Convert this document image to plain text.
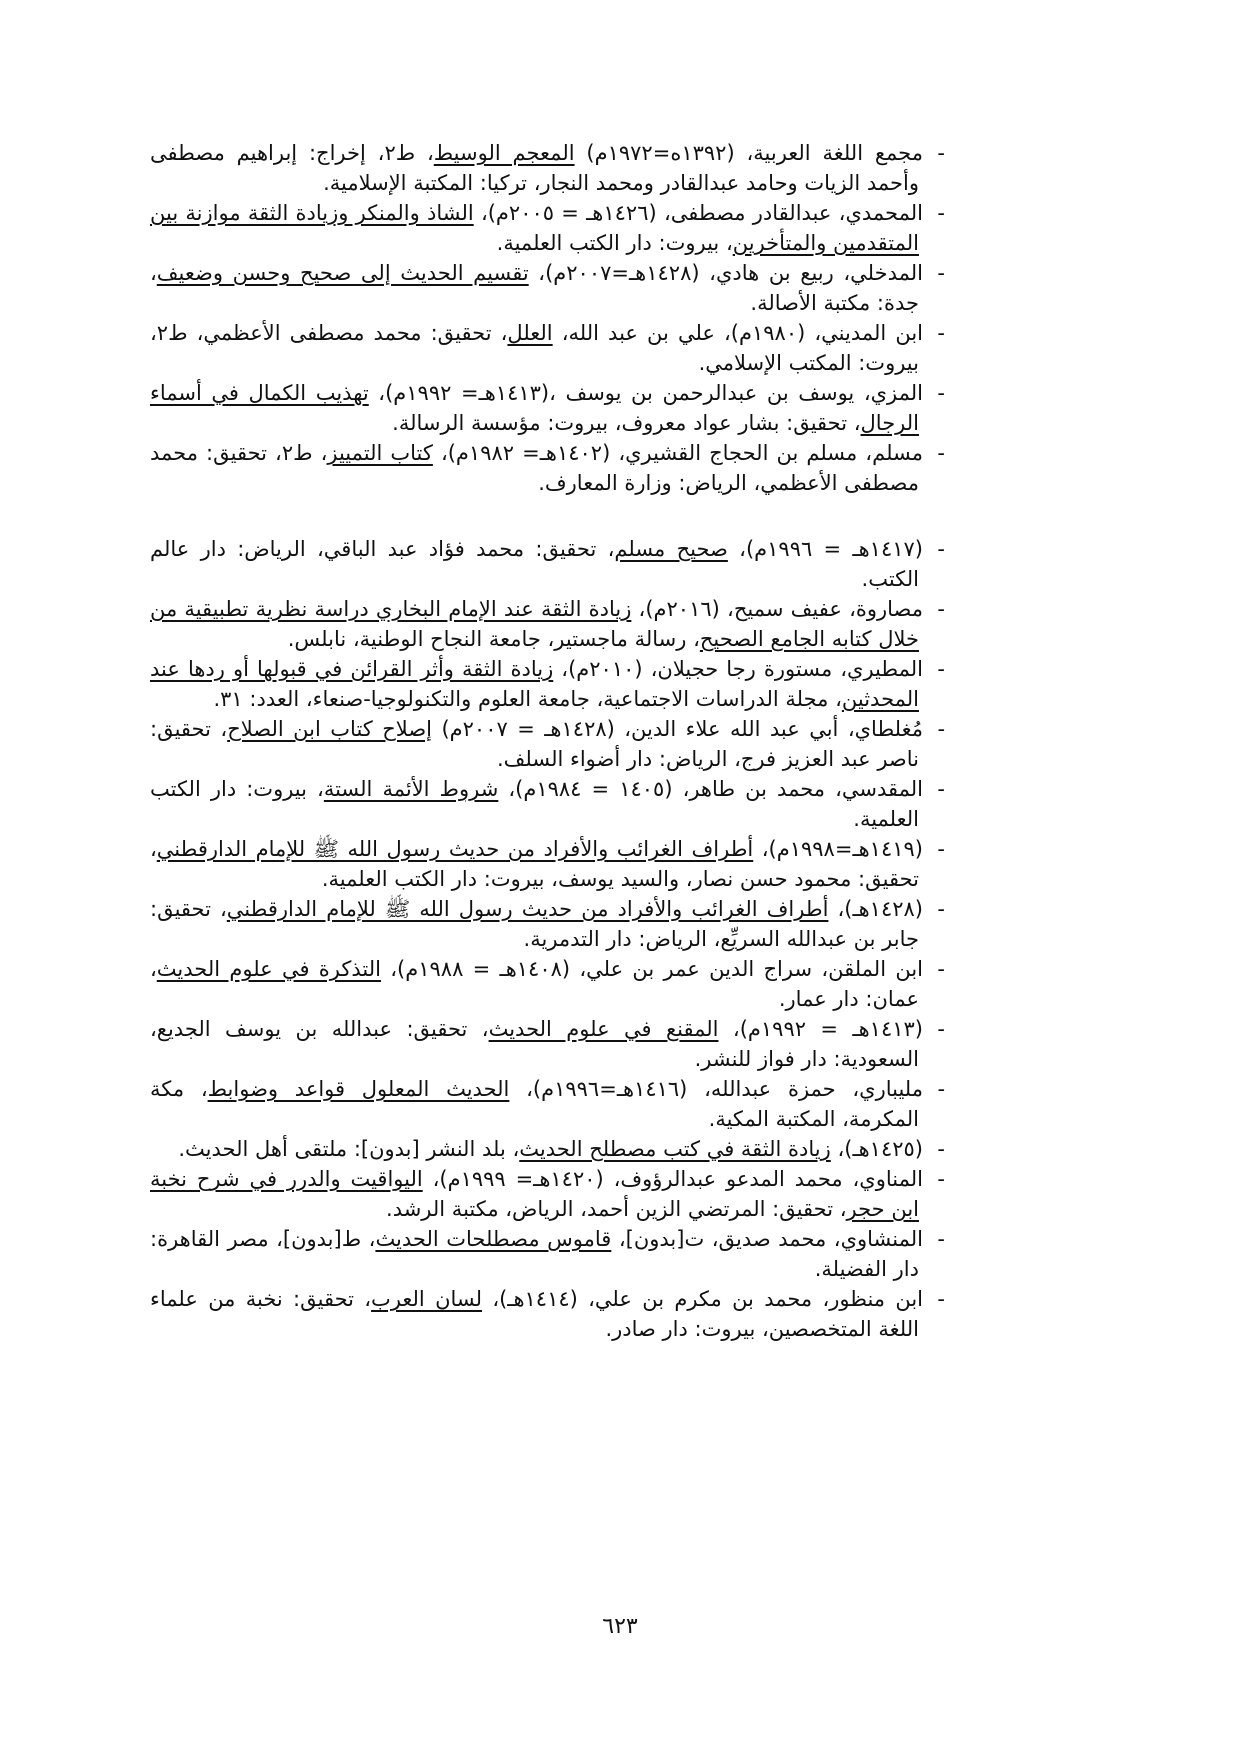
-مجمع اللغة العربية، (١٣٩٢ه=١٩٧٢م) المعجم الوسيط، ط٢، إخراج: إبراهيم مصطفى وأحمد الزيات وحامد عبدالقادر ومحمد النجار، تركيا: المكتبة الإسلامية.

-المحمدي، عبدالقادر مصطفى، (١٤٢٦هـ = ٢٠٠٥م)، الشاذ والمنكر وزيادة الثقة موازنة بين المتقدمين والمتأخرين، بيروت: دار الكتب العلمية.

-المدخلي، ربيع بن هادي، (١٤٢٨هـ=٢٠٠٧م)، تقسيم الحديث إلى صحيح وحسن وضعيف، جدة: مكتبة الأصالة.

-ابن المديني، (١٩٨٠م)، علي بن عبد الله، العلل، تحقيق: محمد مصطفى الأعظمي، ط٢، بيروت: المكتب الإسلامي.

-المزي، يوسف بن عبدالرحمن بن يوسف ،(١٤١٣هـ= ١٩٩٢م)، تهذيب الكمال في أسماء الرجال، تحقيق: بشار عواد معروف، بيروت: مؤسسة الرسالة.

-مسلم، مسلم بن الحجاج القشيري، (١٤٠٢هـ= ١٩٨٢م)، كتاب التمييز، ط٢، تحقيق: محمد مصطفى الأعظمي، الرياض: وزارة المعارف.

-(١٤١٧هـ = ١٩٩٦م)، صحيح مسلم، تحقيق: محمد فؤاد عبد الباقي، الرياض: دار عالم الكتب.

-مصاروة، عفيف سميح، (٢٠١٦م)، زيادة الثقة عند الإمام البخاري دراسة نظرية تطبيقية من خلال كتابه الجامع الصحيح، رسالة ماجستير، جامعة النجاح الوطنية، نابلس.

-المطيري، مستورة رجا حجيلان، (٢٠١٠م)، زيادة الثقة وأثر القرائن في قبولها أو ردها عند المحدثين، مجلة الدراسات الاجتماعية، جامعة العلوم والتكنولوجيا-صنعاء، العدد: ٣١.

-مُغلطاي، أبي عبد الله علاء الدين، (١٤٢٨هـ = ٢٠٠٧م) إصلاح كتاب ابن الصلاح، تحقيق: ناصر عبد العزيز فرج، الرياض: دار أضواء السلف.

-المقدسي، محمد بن طاهر، (١٤٠٥ = ١٩٨٤م)، شروط الأئمة الستة، بيروت: دار الكتب العلمية.

-(١٤١٩هـ=١٩٩٨م)، أطراف الغرائب والأفراد من حديث رسول الله ﷺ للإمام الدارقطني، تحقيق: محمود حسن نصار، والسيد يوسف، بيروت: دار الكتب العلمية.

-(١٤٢٨هـ)، أطراف الغرائب والأفراد من حديث رسول الله ﷺ للإمام الدارقطني، تحقيق: جابر بن عبدالله السريِّع، الرياض: دار التدمرية.

-ابن الملقن، سراج الدين عمر بن علي، (١٤٠٨هـ = ١٩٨٨م)، التذكرة في علوم الحديث، عمان: دار عمار.

-(١٤١٣هـ = ١٩٩٢م)، المقنع في علوم الحديث، تحقيق: عبدالله بن يوسف الجديع، السعودية: دار فواز للنشر.

-مليباري، حمزة عبدالله، (١٤١٦هـ=١٩٩٦م)، الحديث المعلول قواعد وضوابط، مكة المكرمة، المكتبة المكية.

-(١٤٢٥هـ)، زيادة الثقة في كتب مصطلح الحديث، بلد النشر [بدون]: ملتقى أهل الحديث.

-المناوي، محمد المدعو عبدالرؤوف، (١٤٢٠هـ= ١٩٩٩م)، اليواقيت والدرر في شرح نخبة ابن حجر، تحقيق: المرتضي الزين أحمد، الرياض، مكتبة الرشد.

-المنشاوي، محمد صديق، ت[بدون]، قاموس مصطلحات الحديث، ط[بدون]، مصر القاهرة: دار الفضيلة.

-ابن منظور، محمد بن مكرم بن علي، (١٤١٤هـ)، لسان العرب، تحقيق: نخبة من علماء اللغة المتخصصين، بيروت: دار صادر.

٦٢٣
